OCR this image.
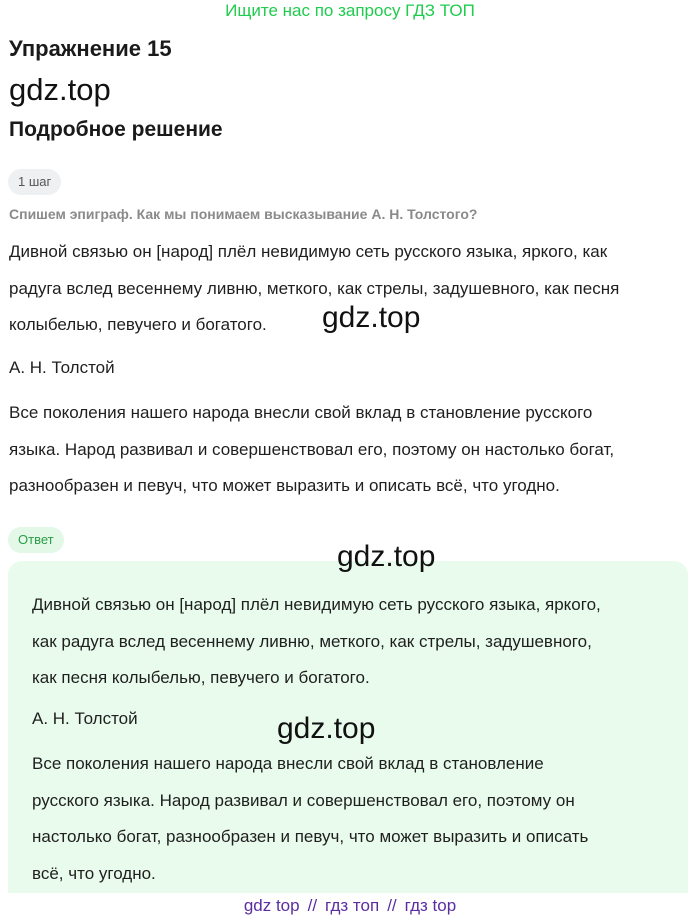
Ищите нас по запросу ГДЗ ТОП
Упражнение 15
gdz.top
Подробное решение
1 шаг
Спишем эпиграф. Как мы понимаем высказывание А. Н. Толстого?

Дивной связью он [народ] плёл невидимую сеть русского языка, яркого, как
радуга вслед весеннему ливню, меткого, как стрелы, задушевного, как песня
колыбелью, певучего и богатого.

А. Н. Толстой

Все поколения нашего народа внесли свой вклад в становление русского
языка. Народ развивал и совершенствовал его, поэтому он настолько богат,
разнообразен и певуч, что может выразить и описать всё, что угодно.

Ответ

Дивной связью он [народ] плёл невидимую сеть русского языка, яркого,
как радуга вслед весеннему ливню, меткого, как стрелы, задушевного,
как песня колыбелью, певучего и богатого.

А. Н. Толстой

Все поколения нашего народа внесли свой вклад в становление
русского языка. Народ развивал и совершенствовал его, поэтому он
настолько богат, разнообразен и певуч, что может выразить и описать
всё, что угодно.

gdz.top
gdz.top
gdz.top
gdz top // гдз топ // гдз top
